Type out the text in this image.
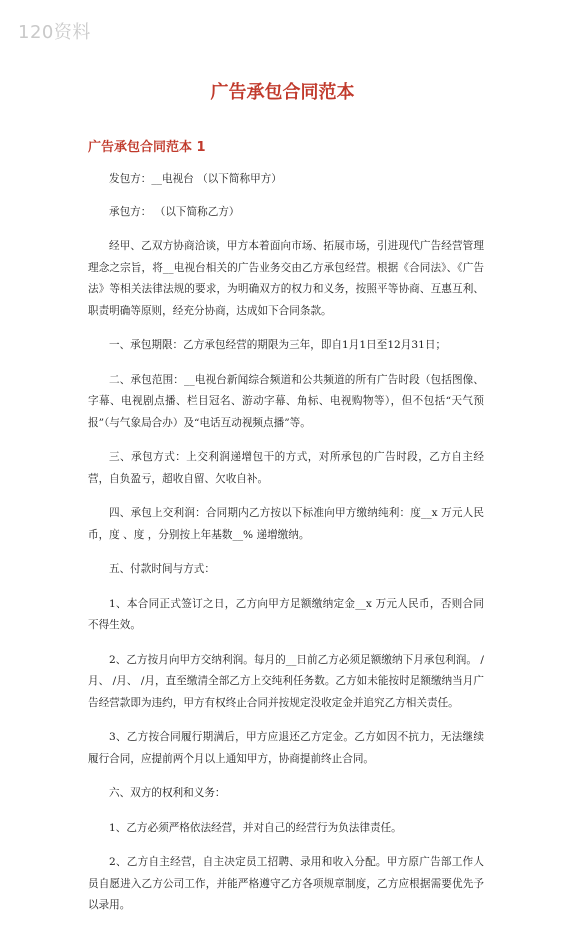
120资料
广告承包合同范本
广告承包合同范本 1

发包方：__电视台 （以下简称甲方）

承包方： （以下简称乙方）

经甲、乙双方协商洽谈，甲方本着面向市场、拓展市场，引进现代广告经营管理理念之宗旨，将__电视台相关的广告业务交由乙方承包经营。根据《合同法》、《广告法》等相关法律法规的要求，为明确双方的权力和义务，按照平等协商、互惠互利、职责明确等原则，经充分协商，达成如下合同条款。

一、承包期限：乙方承包经营的期限为三年，即自1月1日至12月31日；

二、承包范围：__电视台新闻综合频道和公共频道的所有广告时段（包括图像、字幕、电视剧点播、栏目冠名、游动字幕、角标、电视购物等），但不包括“天气预报”（与气象局合办）及“电话互动视频点播”等。

三、承包方式：上交利润递增包干的方式，对所承包的广告时段，乙方自主经营，自负盈亏，超收自留、欠收自补。

四、承包上交利润：合同期内乙方按以下标准向甲方缴纳纯利：度__x 万元人民币，度 、度 ，分别按上年基数__% 递增缴纳。

五、付款时间与方式：

1、本合同正式签订之日，乙方向甲方足额缴纳定金__x 万元人民币，否则合同不得生效。

2、乙方按月向甲方交纳利润。每月的__日前乙方必须足额缴纳下月承包利润。 /月、 /月、 /月，直至缴清全部乙方上交纯利任务数。乙方如未能按时足额缴纳当月广告经营款即为违约，甲方有权终止合同并按规定没收定金并追究乙方相关责任。

3、乙方按合同履行期满后，甲方应退还乙方定金。乙方如因不抗力，无法继续履行合同，应提前两个月以上通知甲方，协商提前终止合同。

六、双方的权利和义务：

1、乙方必须严格依法经营，并对自己的经营行为负法律责任。

2、乙方自主经营，自主决定员工招聘、录用和收入分配。甲方原广告部工作人员自愿进入乙方公司工作，并能严格遵守乙方各项规章制度，乙方应根据需要优先予以录用。
